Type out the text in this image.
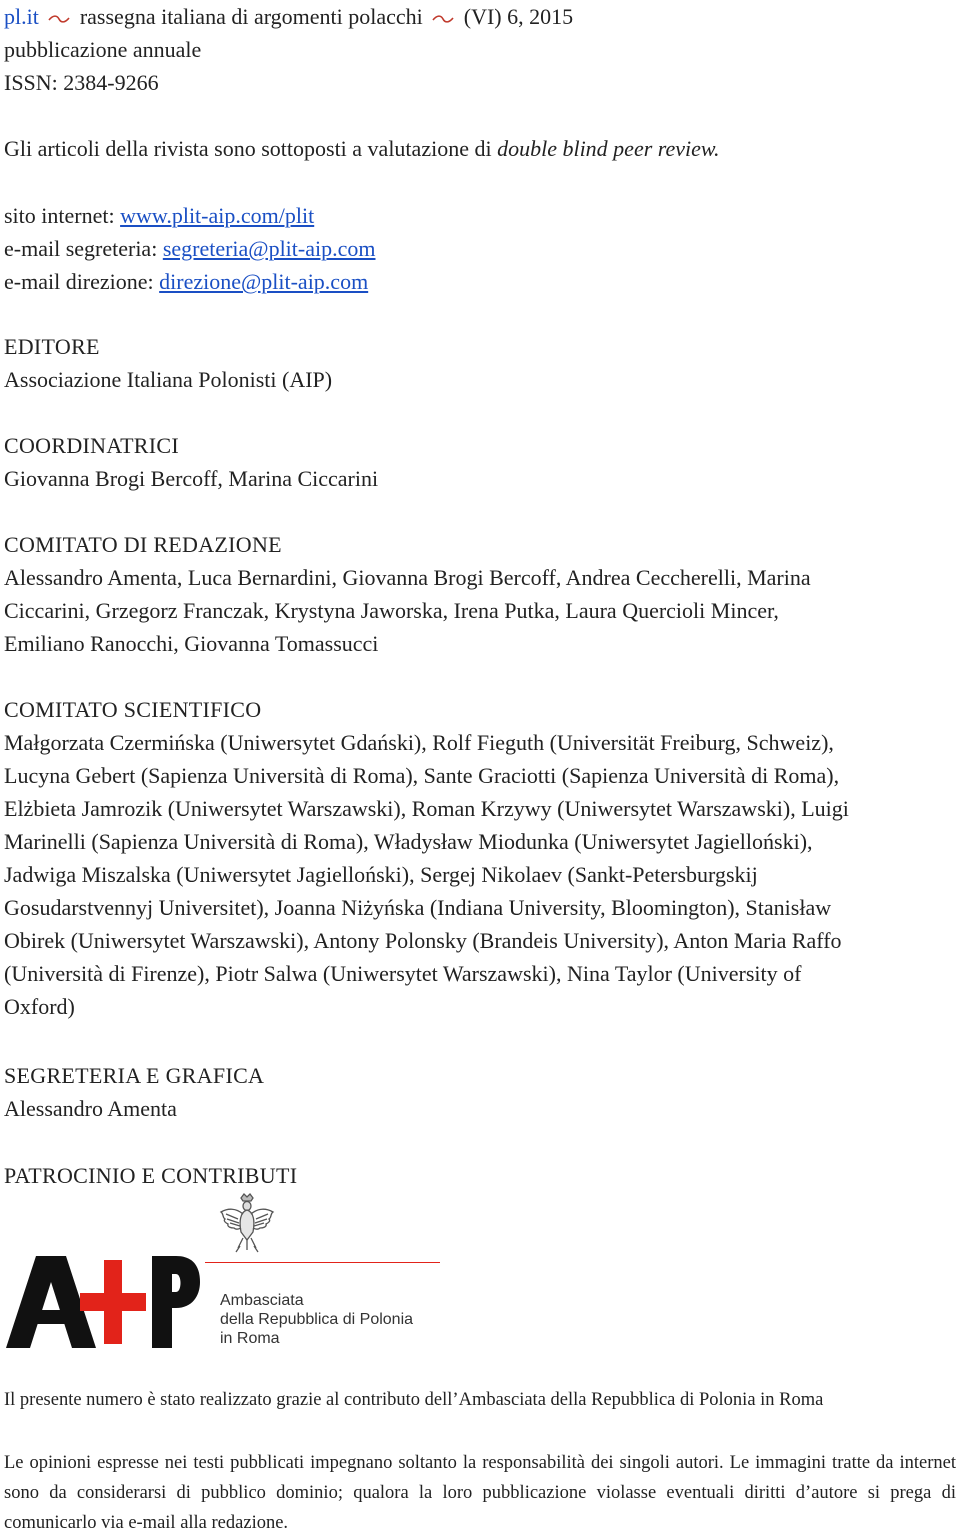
pl.it rassegna italiana di argomenti polacchi (VI) 6, 2015
pubblicazione annuale
ISSN: 2384-9266
Gli articoli della rivista sono sottoposti a valutazione di double blind peer review.
sito internet: www.plit-aip.com/plit
e-mail segreteria: segreteria@plit-aip.com
e-mail direzione: direzione@plit-aip.com
EDITORE
Associazione Italiana Polonisti (AIP)
COORDINATRICI
Giovanna Brogi Bercoff, Marina Ciccarini
COMITATO DI REDAZIONE
Alessandro Amenta, Luca Bernardini, Giovanna Brogi Bercoff, Andrea Ceccherelli, Marina
Ciccarini, Grzegorz Franczak, Krystyna Jaworska, Irena Putka, Laura Quercioli Mincer,
Emiliano Ranocchi, Giovanna Tomassucci
COMITATO SCIENTIFICO
Małgorzata Czermińska (Uniwersytet Gdański), Rolf Fieguth (Universität Freiburg, Schweiz),
Lucyna Gebert (Sapienza Università di Roma), Sante Graciotti (Sapienza Università di Roma),
Elżbieta Jamrozik (Uniwersytet Warszawski), Roman Krzywy (Uniwersytet Warszawski), Luigi
Marinelli (Sapienza Università di Roma), Władysław Miodunka (Uniwersytet Jagielloński),
Jadwiga Miszalska (Uniwersytet Jagielloński), Sergej Nikolaev (Sankt-Petersburgskij
Gosudarstvennyj Universitet), Joanna Niżyńska (Indiana University, Bloomington), Stanisław
Obirek (Uniwersytet Warszawski), Antony Polonsky (Brandeis University), Anton Maria Raffo
(Università di Firenze), Piotr Salwa (Uniwersytet Warszawski), Nina Taylor (University of
Oxford)
SEGRETERIA E GRAFICA
Alessandro Amenta
PATROCINIO E CONTRIBUTI
Ambasciata
della Repubblica di Polonia
in Roma
Il presente numero è stato realizzato grazie al contributo dell’Ambasciata della Repubblica di Polonia in Roma
Le opinioni espresse nei testi pubblicati impegnano soltanto la responsabilità dei singoli autori. Le immagini tratte da internet sono da considerarsi di pubblico dominio; qualora la loro pubblicazione violasse eventuali diritti d’autore si prega di comunicarlo via e-mail alla redazione.
